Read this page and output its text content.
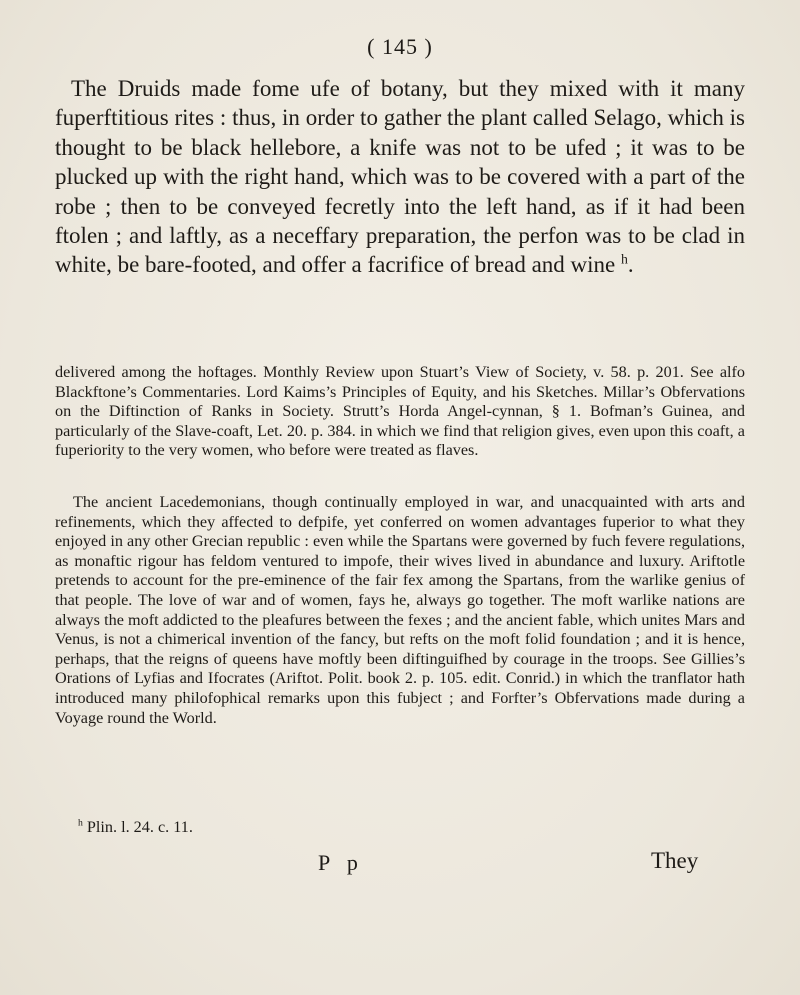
( 145 )

The Druids made fome ufe of botany, but they mixed with it many fuperftitious rites : thus, in order to gather the plant called Selago, which is thought to be black hellebore, a knife was not to be ufed ; it was to be plucked up with the right hand, which was to be covered with a part of the robe ; then to be conveyed fecretly into the left hand, as if it had been ftolen ; and laftly, as a neceffary preparation, the perfon was to be clad in white, be bare-footed, and offer a facrifice of bread and wine $^h$.

delivered among the hoftages. Monthly Review upon Stuart’s View of Society, v. 58. p. 201. See alfo Blackftone’s Commentaries. Lord Kaims’s Principles of Equity, and his Sketches. Millar’s Obfervations on the Diftinction of Ranks in Society. Strutt’s Horda Angel-cynnan, § 1. Bofman’s Guinea, and particularly of the Slave-coaft, Let. 20. p. 384. in which we find that religion gives, even upon this coaft, a fuperiority to the very women, who before were treated as flaves.

The ancient Lacedemonians, though continually employed in war, and unacquainted with arts and refinements, which they affected to defpife, yet conferred on women advantages fuperior to what they enjoyed in any other Grecian republic : even while the Spartans were governed by fuch fevere regulations, as monaftic rigour has feldom ventured to impofe, their wives lived in abundance and luxury. Ariftotle pretends to account for the pre-eminence of the fair fex among the Spartans, from the warlike genius of that people. The love of war and of women, fays he, always go together. The moft warlike nations are always the moft addicted to the pleafures between the fexes ; and the ancient fable, which unites Mars and Venus, is not a chimerical invention of the fancy, but refts on the moft folid foundation ; and it is hence, perhaps, that the reigns of queens have moftly been diftinguifhed by courage in the troops. See Gillies’s Orations of Lyfias and Ifocrates (Ariftot. Polit. book 2. p. 105. edit. Conrid.) in which the tranflator hath introduced many philofophical remarks upon this fubject ; and Forfter’s Obfervations made during a Voyage round the World.

$^h$ Plin. l. 24. c. 11.

P p	They
